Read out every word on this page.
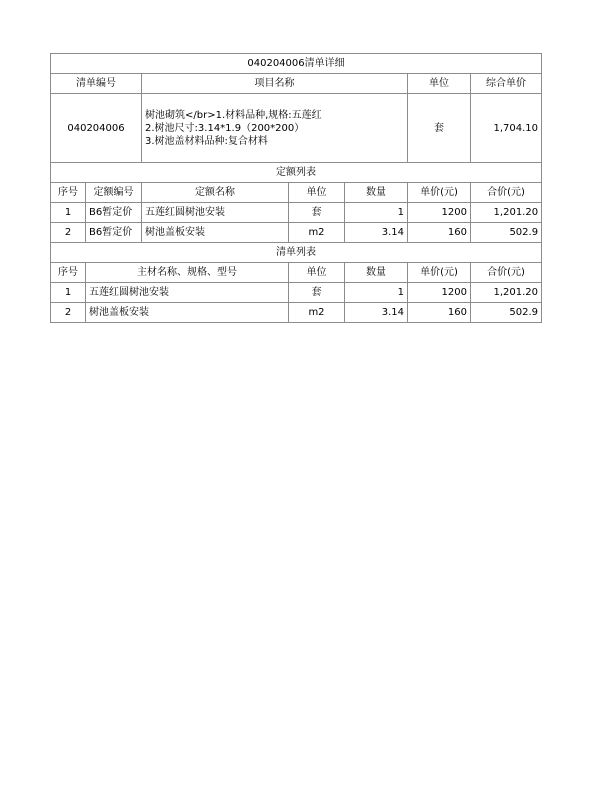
040204006清单详细			
清单编号	项目名称	单位	综合单价
040204006	树池砌筑</br>1.材料品种,规格:五莲红
2.树池尺寸:3.14*1.9（200*200）
3.树池盖材料品种:复合材料	套	1,704.10
定额列表						
序号	定额编号	定额名称	单位	数量	单价(元)	合价(元)
1	B6暂定价	五莲红圆树池安装	套	1	1200	1,201.20
2	B6暂定价	树池盖板安装	m2	3.14	160	502.9
清单列表					
序号	主材名称、规格、型号	单位	数量	单价(元)	合价(元)
1	五莲红圆树池安装	套	1	1200	1,201.20
2	树池盖板安装	m2	3.14	160	502.9
